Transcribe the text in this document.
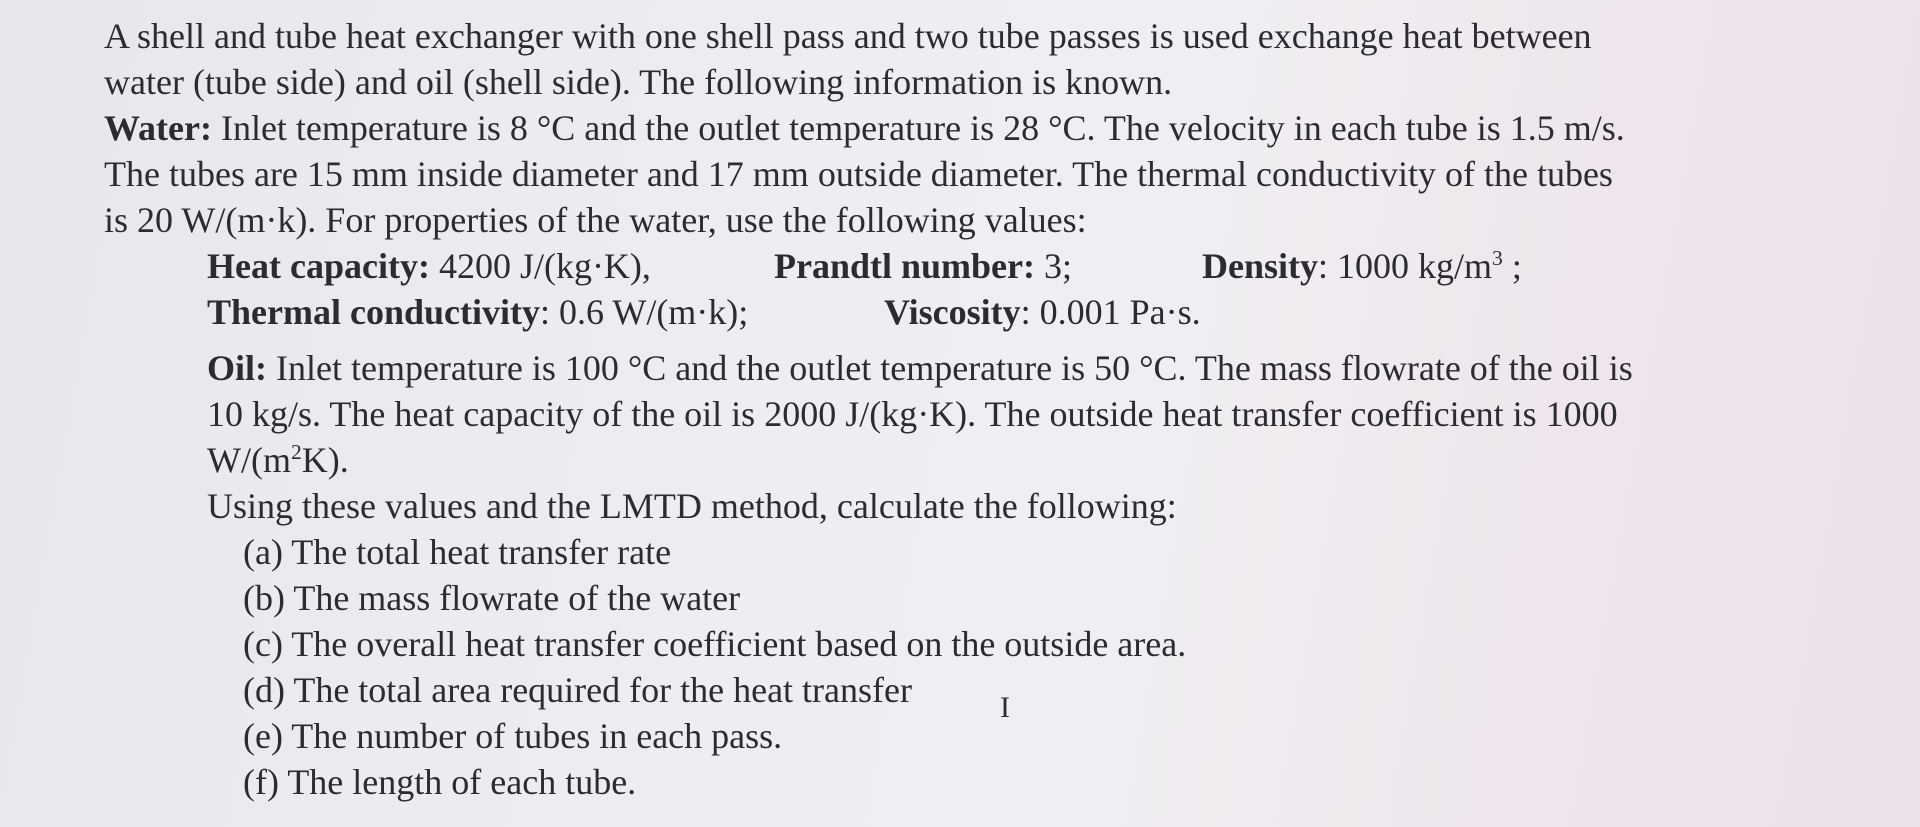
A shell and tube heat exchanger with one shell pass and two tube passes is used exchange heat between
water (tube side) and oil (shell side). The following information is known.
Water: Inlet temperature is 8 °C and the outlet temperature is 28 °C. The velocity in each tube is 1.5 m/s.
The tubes are 15 mm inside diameter and 17 mm outside diameter. The thermal conductivity of the tubes
is 20 W/(m·k). For properties of the water, use the following values:
Heat capacity: 4200 J/(kg·K),	Prandtl number: 3;	Density: 1000 $kg/m^3$ ;
Thermal conductivity: 0.6 W/(m·k);	Viscosity: 0.001 Pa·s.
Oil: Inlet temperature is 100 °C and the outlet temperature is 50 °C. The mass flowrate of the oil is
10 kg/s. The heat capacity of the oil is 2000 J/(kg·K). The outside heat transfer coefficient is 1000
$W/(m^2K)$.
Using these values and the LMTD method, calculate the following:
(a) The total heat transfer rate
(b) The mass flowrate of the water
(c) The overall heat transfer coefficient based on the outside area.
(d) The total area required for the heat transfer
(e) The number of tubes in each pass.
(f) The length of each tube.
I
